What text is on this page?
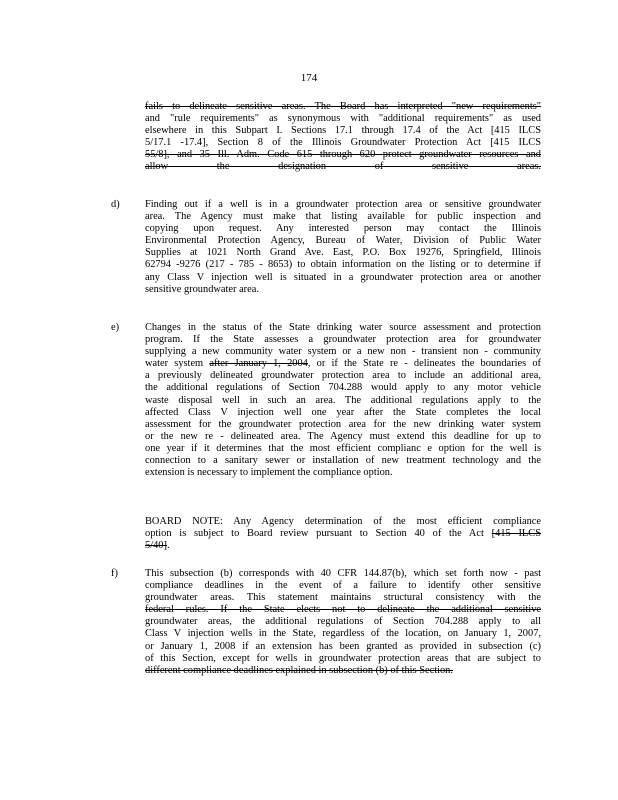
174
fails to delineate sensitive areas. The Board has interpreted "new requirements"
and "rule requirements" as synonymous with "additional requirements" as used
elsewhere in this Subpart I. Sections 17.1 through 17.4 of the Act [415 ILCS
5/17.1 -17.4], Section 8 of the Illinois Groundwater Protection Act [415 ILCS
55/8], and 35 Ill. Adm. Code 615 through 620 protect groundwater resources and
allow the designation of sensitive areas.
d) Finding out if a well is in a groundwater protection area or sensitive groundwater
area. The Agency must make that listing available for public inspection and
copying upon request. Any interested person may contact the Illinois
Environmental Protection Agency, Bureau of Water, Division of Public Water
Supplies at 1021 North Grand Ave. East, P.O. Box 19276, Springfield, Illinois
62794 -9276 (217 - 785 - 8653) to obtain information on the listing or to determine if
any Class V injection well is situated in a groundwater protection area or another
sensitive groundwater area.
e) Changes in the status of the State drinking water source assessment and protection
program. If the State assesses a groundwater protection area for groundwater
supplying a new community water system or a new non - transient non - community
water system after January 1, 2004, or if the State re - delineates the boundaries of
a previously delineated groundwater protection area to include an additional area,
the additional regulations of Section 704.288 would apply to any motor vehicle
waste disposal well in such an area. The additional regulations apply to the
affected Class V injection well one year after the State completes the local
assessment for the groundwater protection area for the new drinking water system
or the new re - delineated area. The Agency must extend this deadline for up to
one year if it determines that the most efficient complianc e option for the well is
connection to a sanitary sewer or installation of new treatment technology and the
extension is necessary to implement the compliance option.
BOARD NOTE: Any Agency determination of the most efficient compliance
option is subject to Board review pursuant to Section 40 of the Act [415 ILCS
5/40].
f)	This subsection (b) corresponds with 40 CFR 144.87(b), which set forth now - past
compliance deadlines in the event of a failure to identify other sensitive
groundwater areas. This statement maintains structural consistency with the
federal rules. If the State elects not to delineate the additional sensitive
groundwater areas, the additional regulations of Section 704.288 apply to all
Class V injection wells in the State, regardless of the location, on January 1, 2007,
or January 1, 2008 if an extension has been granted as provided in subsection (c)
of this Section, except for wells in groundwater protection areas that are subject to
different compliance deadlines explained in subsection (b) of this Section.
